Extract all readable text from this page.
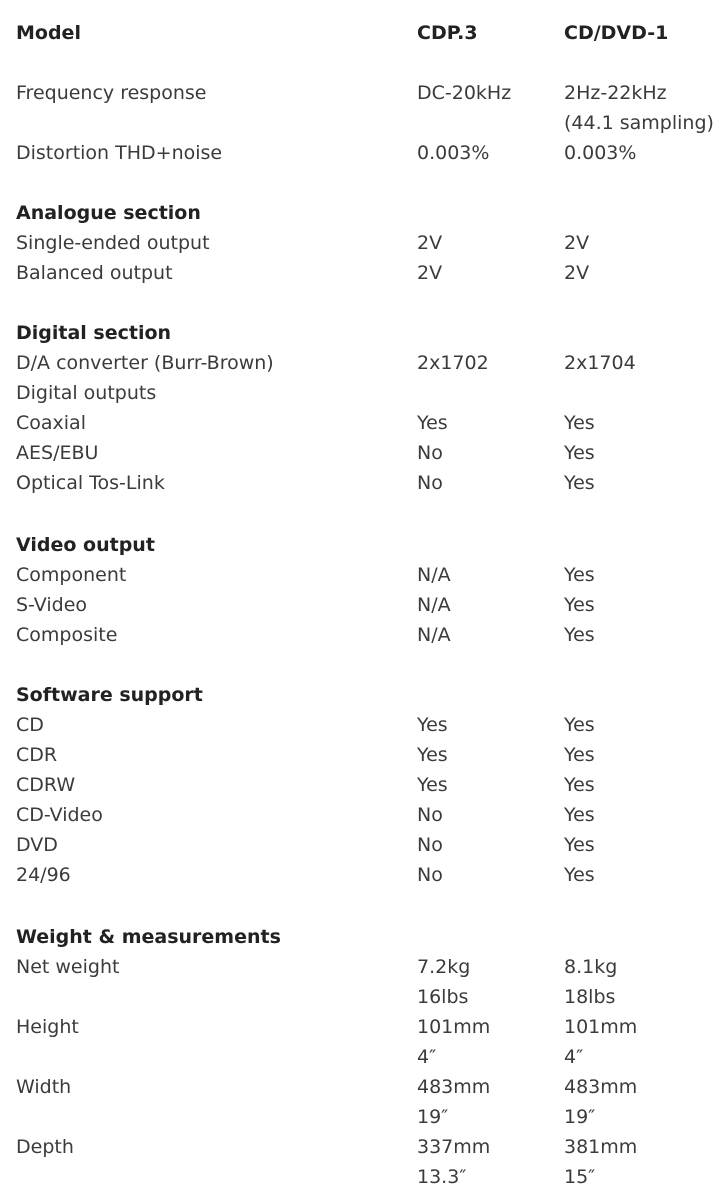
Model	CDP.3	CD/DVD-1
Frequency response	DC-20kHz	2Hz-22kHz
(44.1 sampling)
Distortion THD+noise	0.003%	0.003%
Analogue section
Single-ended output	2V	2V
Balanced output	2V	2V
Digital section
D/A converter (Burr-Brown)	2x1702	2x1704
Digital outputs
Coaxial	Yes	Yes
AES/EBU	No	Yes
Optical Tos-Link	No	Yes
Video output
Component	N/A	Yes
S-Video	N/A	Yes
Composite	N/A	Yes
Software support
CD	Yes	Yes
CDR	Yes	Yes
CDRW	Yes	Yes
CD-Video	No	Yes
DVD	No	Yes
24/96	No	Yes
Weight & measurements
Net weight	7.2kg	8.1kg
16lbs	18lbs
Height	101mm	101mm
4″	4″
Width	483mm	483mm
19″	19″
Depth	337mm	381mm
13.3″	15″
